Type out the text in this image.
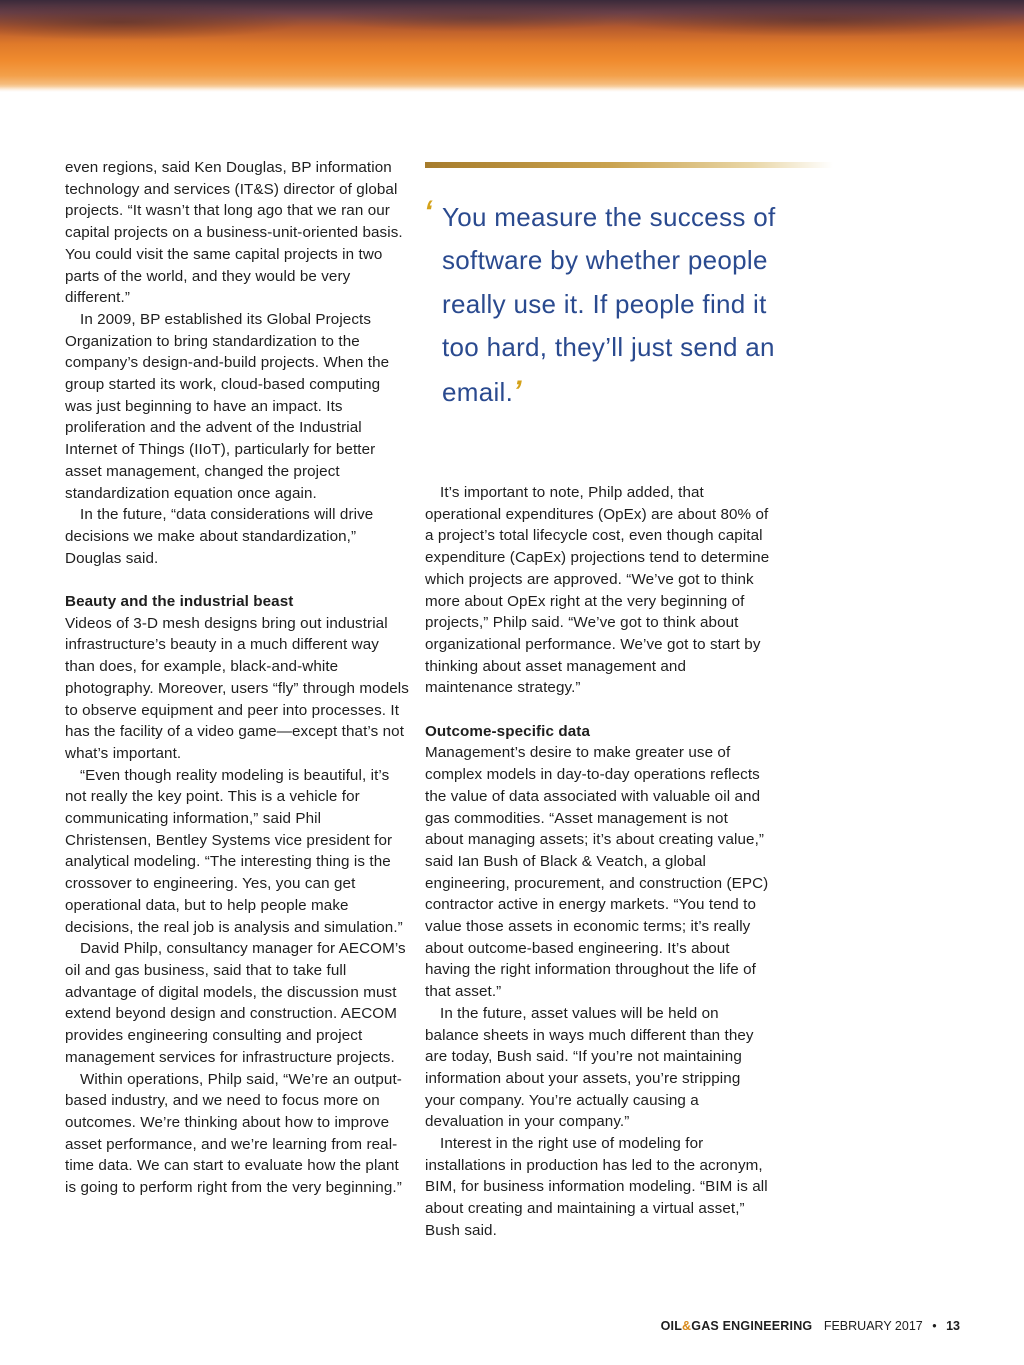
even regions, said Ken Douglas, BP information technology and services (IT&S) director of global projects. “It wasn’t that long ago that we ran our capital projects on a business-unit-oriented basis. You could visit the same capital projects in two parts of the world, and they would be very different.”

In 2009, BP established its Global Projects Organization to bring standardization to the company’s design-and-build projects. When the group started its work, cloud-based computing was just beginning to have an impact. Its proliferation and the advent of the Industrial Internet of Things (IIoT), particularly for better asset management, changed the project standardization equation once again.

In the future, “data considerations will drive decisions we make about standardization,” Douglas said.

Beauty and the industrial beast

Videos of 3-D mesh designs bring out industrial infrastructure’s beauty in a much different way than does, for example, black-and-white photography. Moreover, users “fly” through models to observe equipment and peer into processes. It has the facility of a video game—except that’s not what’s important.

“Even though reality modeling is beautiful, it’s not really the key point. This is a vehicle for communicating information,” said Phil Christensen, Bentley Systems vice president for analytical modeling. “The interesting thing is the crossover to engineering. Yes, you can get operational data, but to help people make decisions, the real job is analysis and simulation.”

David Philp, consultancy manager for AECOM’s oil and gas business, said that to take full advantage of digital models, the discussion must extend beyond design and construction. AECOM provides engineering consulting and project management services for infrastructure projects.

Within operations, Philp said, “We’re an output-based industry, and we need to focus more on outcomes. We’re thinking about how to improve asset performance, and we’re learning from real-time data. We can start to evaluate how the plant is going to perform right from the very beginning.”

‘ You measure the success of software by whether people really use it. If people find it too hard, they’ll just send an email.’

It’s important to note, Philp added, that operational expenditures (OpEx) are about 80% of a project’s total lifecycle cost, even though capital expenditure (CapEx) projections tend to determine which projects are approved. “We’ve got to think more about OpEx right at the very beginning of projects,” Philp said. “We’ve got to think about organizational performance. We’ve got to start by thinking about asset management and maintenance strategy.”

Outcome-specific data

Management’s desire to make greater use of complex models in day-to-day operations reflects the value of data associated with valuable oil and gas commodities. “Asset management is not about managing assets; it’s about creating value,” said Ian Bush of Black & Veatch, a global engineering, procurement, and construction (EPC) contractor active in energy markets. “You tend to value those assets in economic terms; it’s really about outcome-based engineering. It’s about having the right information throughout the life of that asset.”

In the future, asset values will be held on balance sheets in ways much different than they are today, Bush said. “If you’re not maintaining information about your assets, you’re stripping your company. You’re actually causing a devaluation in your company.”

Interest in the right use of modeling for installations in production has led to the acronym, BIM, for business information modeling. “BIM is all about creating and maintaining a virtual asset,” Bush said.

OIL&GAS ENGINEERING FEBRUARY 2017 • 13
